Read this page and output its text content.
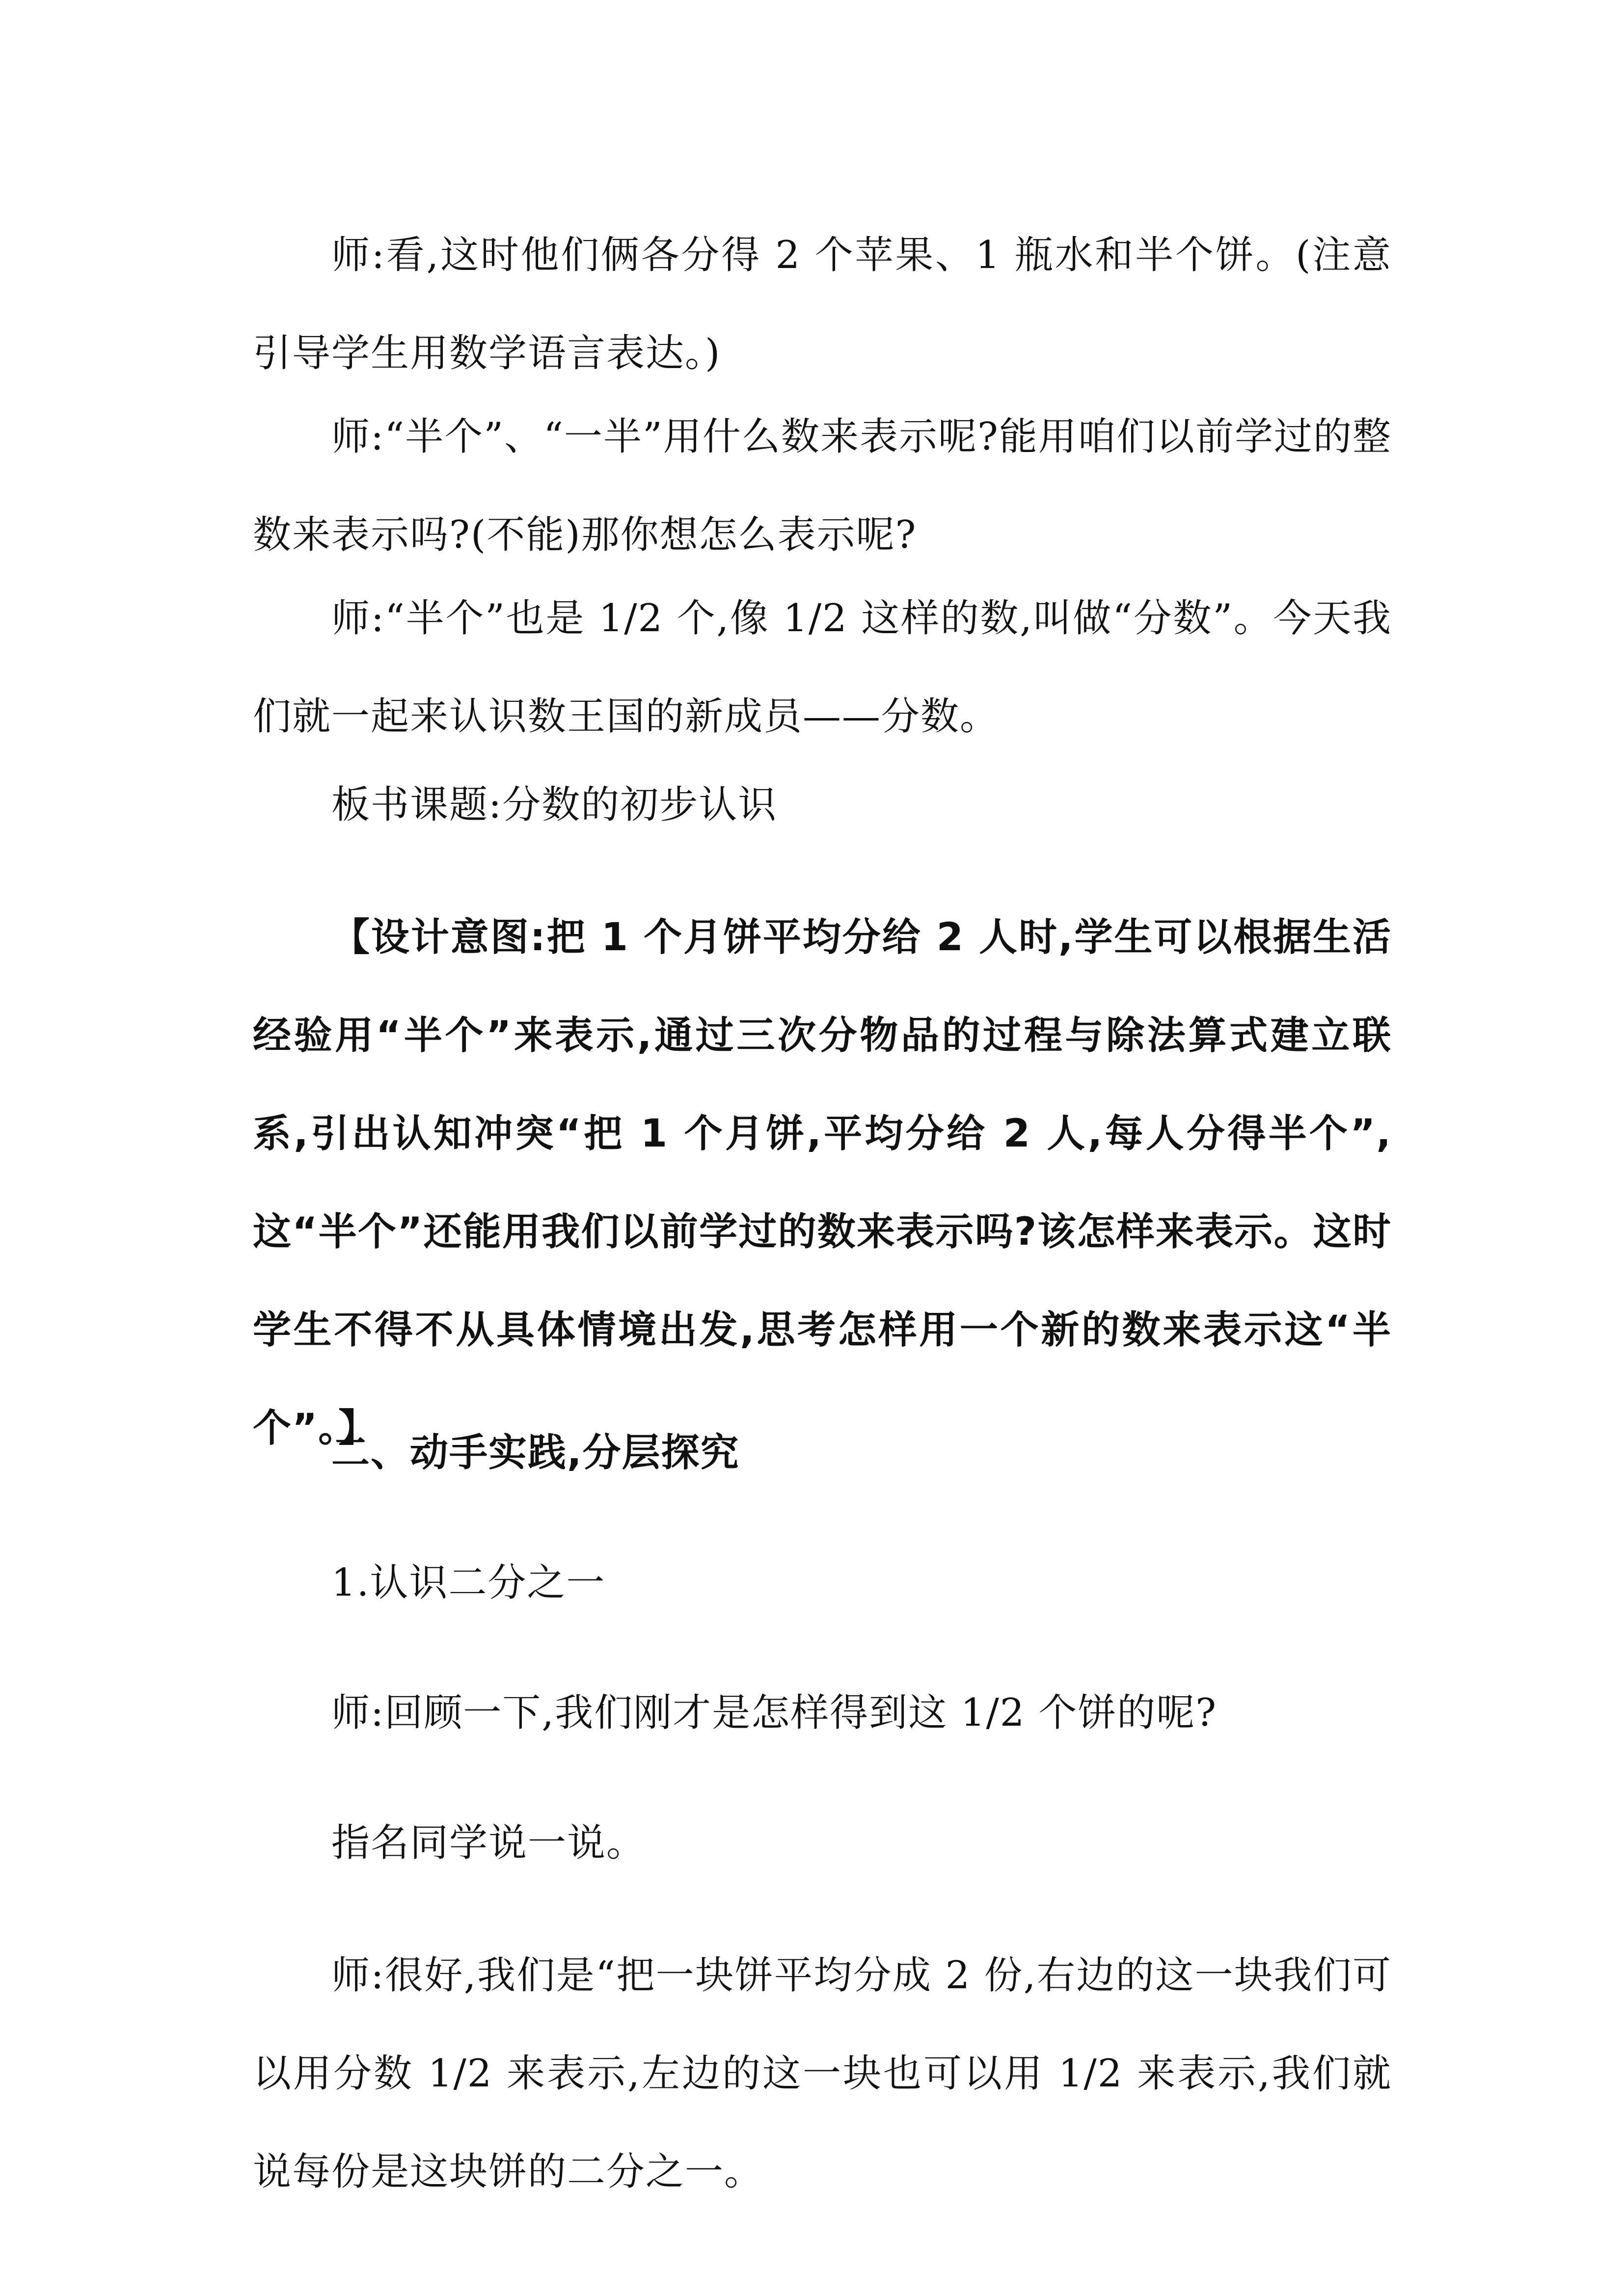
师:看,这时他们俩各分得 2 个苹果、1 瓶水和半个饼。(注意引导学生用数学语言表达。)

师:“半个”、“一半”用什么数来表示呢?能用咱们以前学过的整数来表示吗?(不能)那你想怎么表示呢?

师:“半个”也是 1/2 个,像 1/2 这样的数,叫做“分数”。今天我们就一起来认识数王国的新成员——分数。

板书课题:分数的初步认识

【设计意图:把 1 个月饼平均分给 2 人时,学生可以根据生活经验用“半个”来表示,通过三次分物品的过程与除法算式建立联系,引出认知冲突“把 1 个月饼,平均分给 2 人,每人分得半个”,这“半个”还能用我们以前学过的数来表示吗?该怎样来表示。这时学生不得不从具体情境出发,思考怎样用一个新的数来表示这“半个”。】

二、动手实践,分层探究

1.认识二分之一

师:回顾一下,我们刚才是怎样得到这 1/2 个饼的呢?

指名同学说一说。

师:很好,我们是“把一块饼平均分成 2 份,右边的这一块我们可以用分数 1/2 来表示,左边的这一块也可以用 1/2 来表示,我们就说每份是这块饼的二分之一。
